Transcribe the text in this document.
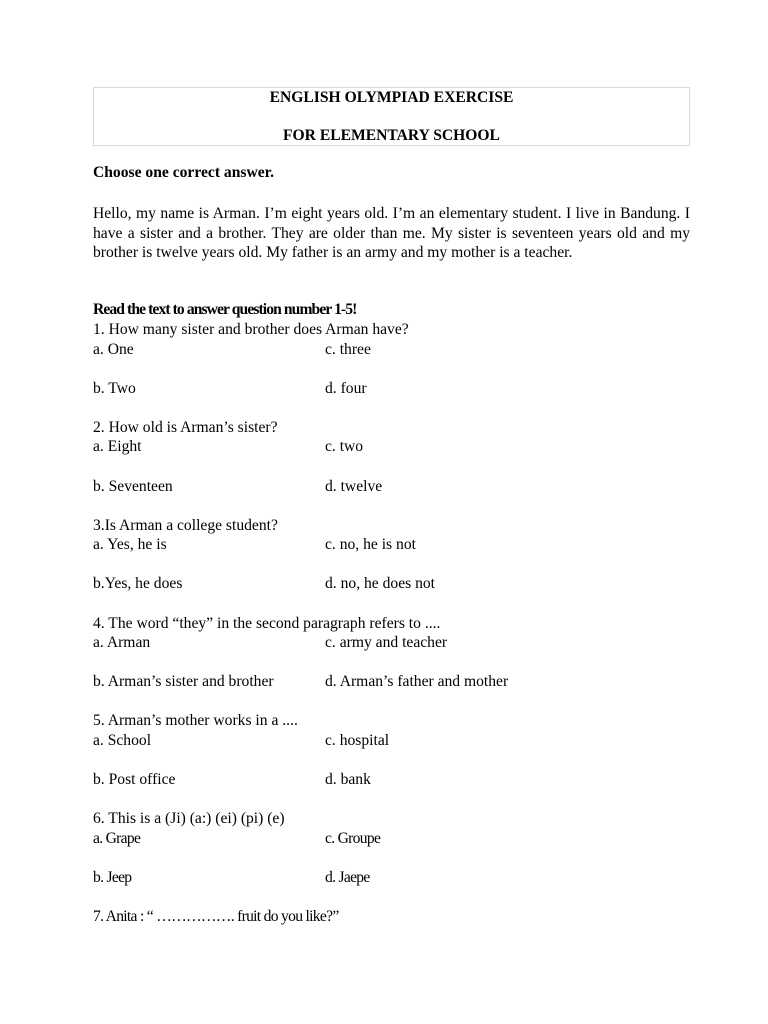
ENGLISH OLYMPIAD EXERCISE
FOR ELEMENTARY SCHOOL
Choose one correct answer.
Hello, my name is Arman. I’m eight years old. I’m an elementary student. I live in Bandung. I have a sister and a brother. They are older than me. My sister is seventeen years old and my brother is twelve years old. My father is an army and my mother is a teacher.
Read the text to answer question number 1-5!
1. How many sister and brother does Arman have?
a. One	c. three
b. Two	d. four
2. How old is Arman’s sister?
a. Eight	c. two
b. Seventeen	d. twelve
3.Is Arman a college student?
a. Yes, he is	c. no, he is not
b.Yes, he does	d. no, he does not
4. The word “they” in the second paragraph refers to ....
a. Arman	c. army and teacher
b. Arman’s sister and brother	d. Arman’s father and mother
5. Arman’s mother works in a ....
a. School	c. hospital
b. Post office	d. bank
6. This is a (Ji) (a:) (ei) (pi) (e)
a. Grape	c. Groupe
b. Jeep	d. Jaepe
7. Anita : “ ……………. fruit do you like?”
